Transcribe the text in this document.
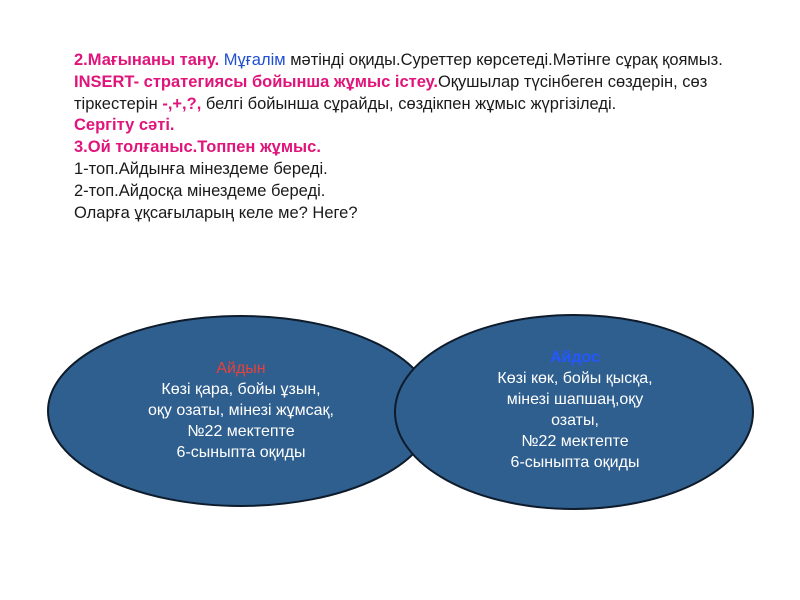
2.Мағынаны тану. Мұғалім мәтінді оқиды.Суреттер көрсетеді.Мәтінге сұрақ қоямыз.

INSERT- стратегиясы бойынша жұмыс істеу.Оқушылар түсінбеген сөздерін, сөз тіркестерін -,+,?, белгі бойынша сұрайды, сөздікпен жұмыс жүргізіледі.

Сергіту сәті.

3.Ой толғаныс.Топпен жұмыс.

1-топ.Айдынға мінездеме береді.

2-топ.Айдосқа мінездеме береді.

Оларға ұқсағыларың келе ме? Неге?

Айдын
Көзі қара, бойы ұзын,
оқу озаты, мінезі жұмсақ,
№22 мектепте
6-сыныпта оқиды
Айдос
Көзі көк, бойы қысқа,
мінезі шапшаң,оқу
озаты,
№22 мектепте
6-сыныпта оқиды
